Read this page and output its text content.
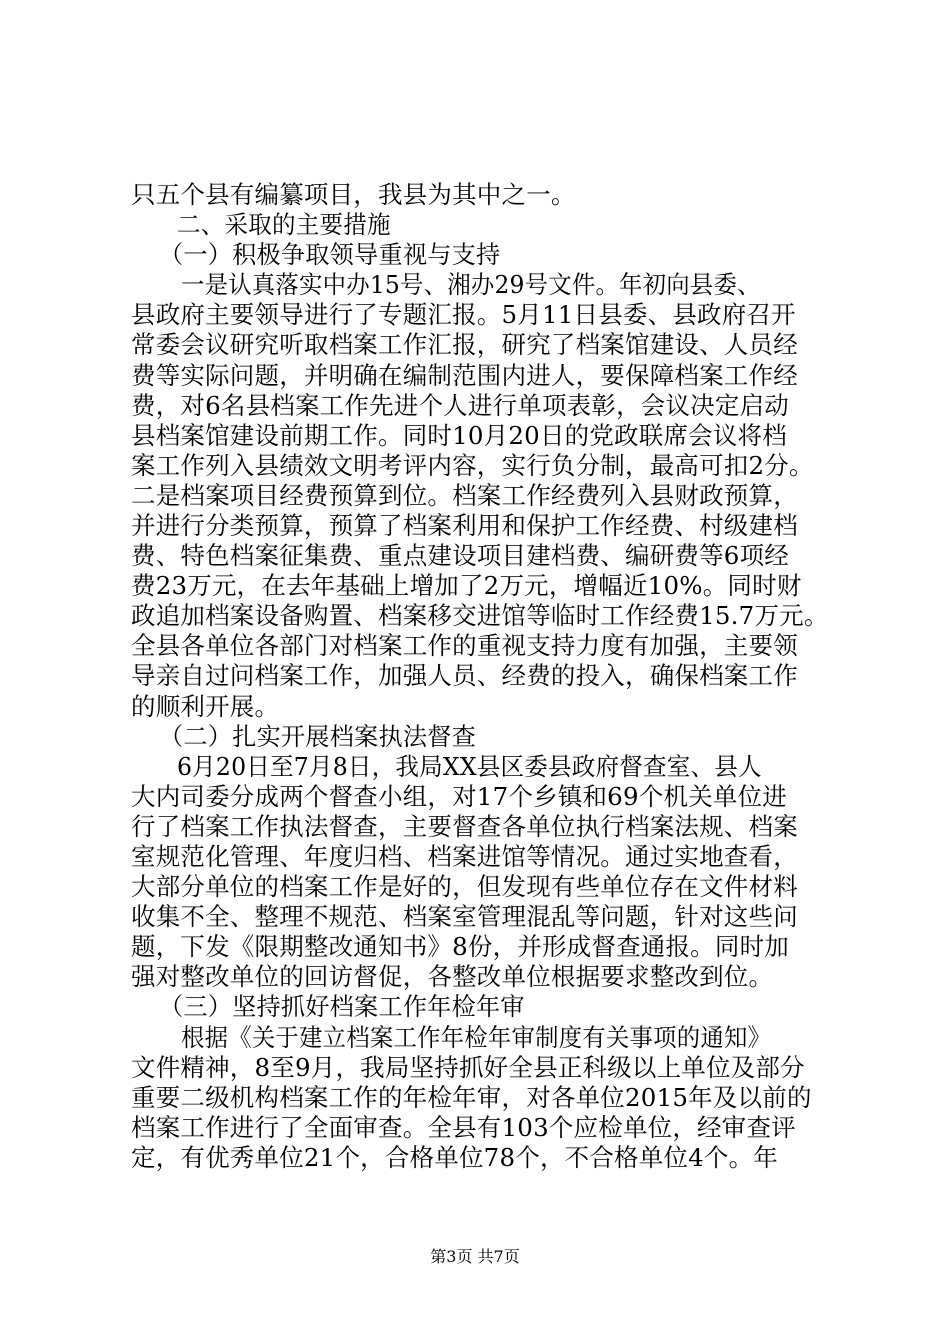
只五个县有编纂项目，我县为其中之一。
二、采取的主要措施
（一）积极争取领导重视与支持
一是认真落实中办15号、湘办29号文件。年初向县委、
县政府主要领导进行了专题汇报。5月11日县委、县政府召开
常委会议研究听取档案工作汇报，研究了档案馆建设、人员经
费等实际问题，并明确在编制范围内进人，要保障档案工作经
费，对6名县档案工作先进个人进行单项表彰，会议决定启动
县档案馆建设前期工作。同时10月20日的党政联席会议将档
案工作列入县绩效文明考评内容，实行负分制，最高可扣2分。
二是档案项目经费预算到位。档案工作经费列入县财政预算，
并进行分类预算，预算了档案利用和保护工作经费、村级建档
费、特色档案征集费、重点建设项目建档费、编研费等6项经
费23万元，在去年基础上增加了2万元，增幅近10%。同时财
政追加档案设备购置、档案移交进馆等临时工作经费15.7万元。
全县各单位各部门对档案工作的重视支持力度有加强，主要领
导亲自过问档案工作，加强人员、经费的投入，确保档案工作
的顺利开展。
（二）扎实开展档案执法督查
6月20日至7月8日，我局XX县区委县政府督查室、县人
大内司委分成两个督查小组，对17个乡镇和69个机关单位进
行了档案工作执法督查，主要督查各单位执行档案法规、档案
室规范化管理、年度归档、档案进馆等情况。通过实地查看，
大部分单位的档案工作是好的，但发现有些单位存在文件材料
收集不全、整理不规范、档案室管理混乱等问题，针对这些问
题，下发《限期整改通知书》8份，并形成督查通报。同时加
强对整改单位的回访督促，各整改单位根据要求整改到位。
（三）坚持抓好档案工作年检年审
根据《关于建立档案工作年检年审制度有关事项的通知》
文件精神，8至9月，我局坚持抓好全县正科级以上单位及部分
重要二级机构档案工作的年检年审，对各单位2015年及以前的
档案工作进行了全面审查。全县有103个应检单位，经审查评
定，有优秀单位21个，合格单位78个，不合格单位4个。年
第3页 共7页
